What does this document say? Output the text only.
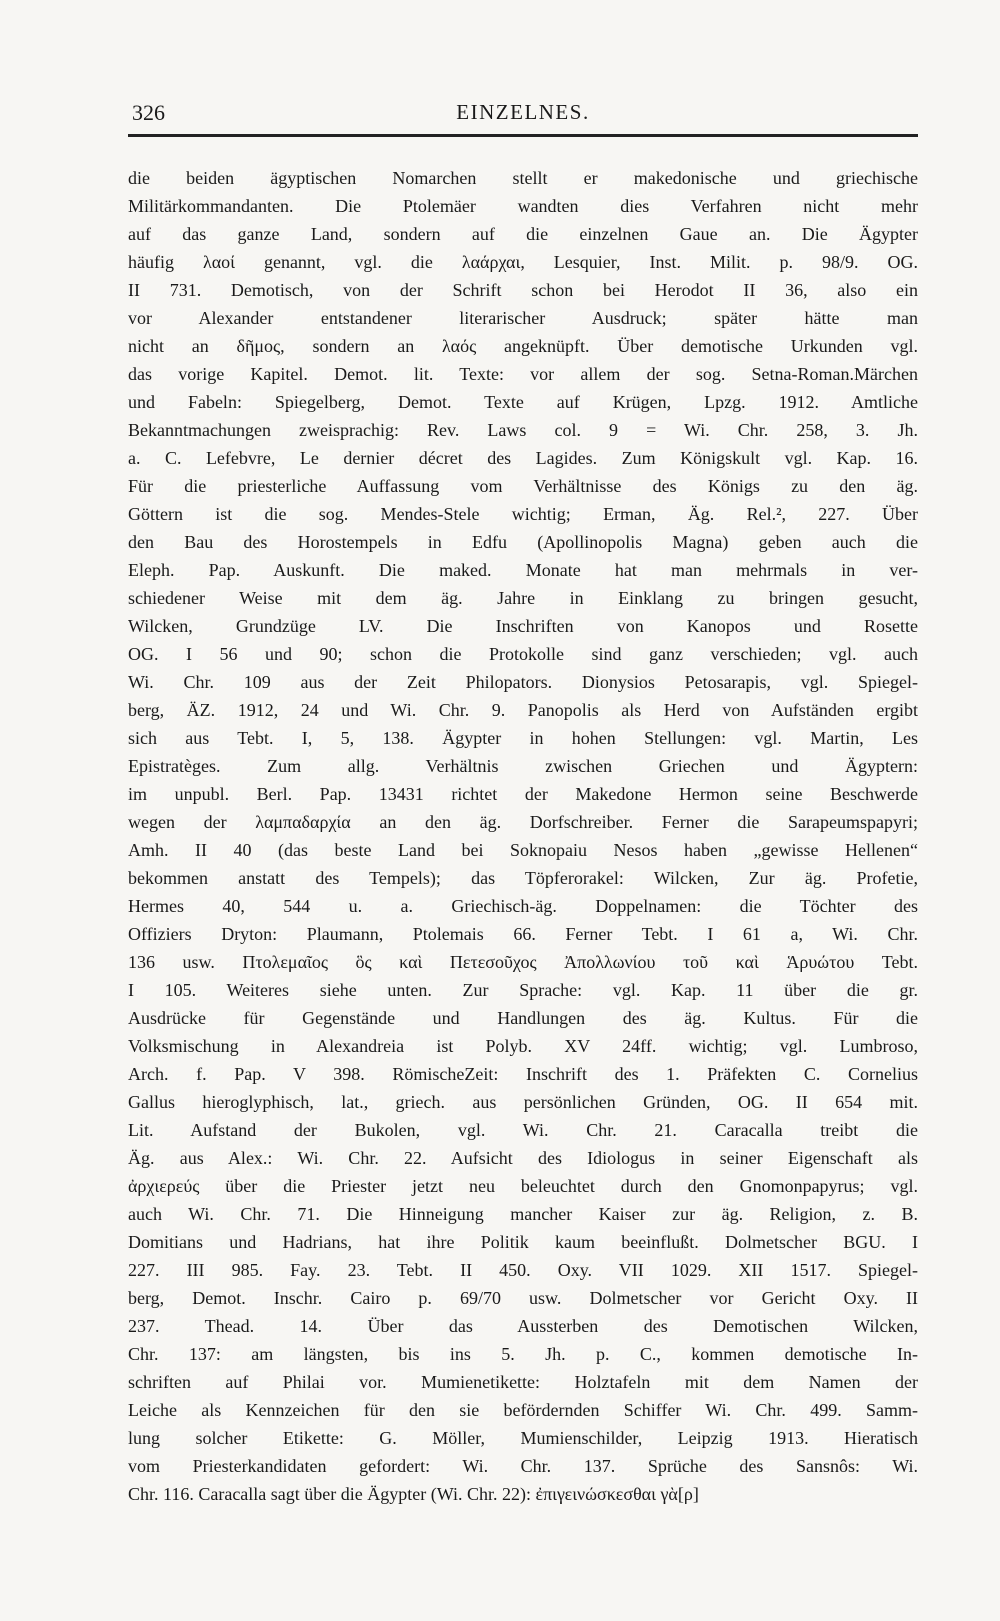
326	EINZELNES.
die beiden ägyptischen Nomarchen stellt er makedonische und griechische
Militärkommandanten. Die Ptolemäer wandten dies Verfahren nicht mehr
auf das ganze Land, sondern auf die einzelnen Gaue an. Die Ägypter
häufig λαοί genannt, vgl. die λαάρχαι, Lesquier, Inst. Milit. p. 98/9. OG.
II 731. Demotisch, von der Schrift schon bei Herodot II 36, also ein
vor Alexander entstandener literarischer Ausdruck; später hätte man
nicht an δῆμος, sondern an λαός angeknüpft. Über demotische Urkunden vgl.
das vorige Kapitel. Demot. lit. Texte: vor allem der sog. Setna-Roman.Märchen
und Fabeln: Spiegelberg, Demot. Texte auf Krügen, Lpzg. 1912. Amtliche
Bekanntmachungen zweisprachig: Rev. Laws col. 9 = Wi. Chr. 258, 3. Jh.
a. C. Lefebvre, Le dernier décret des Lagides. Zum Königskult vgl. Kap. 16.
Für die priesterliche Auffassung vom Verhältnisse des Königs zu den äg.
Göttern ist die sog. Mendes-Stele wichtig; Erman, Äg. Rel.², 227. Über
den Bau des Horostempels in Edfu (Apollinopolis Magna) geben auch die
Eleph. Pap. Auskunft. Die maked. Monate hat man mehrmals in ver-
schiedener Weise mit dem äg. Jahre in Einklang zu bringen gesucht,
Wilcken, Grundzüge LV. Die Inschriften von Kanopos und Rosette
OG. I 56 und 90; schon die Protokolle sind ganz verschieden; vgl. auch
Wi. Chr. 109 aus der Zeit Philopators. Dionysios Petosarapis, vgl. Spiegel-
berg, ÄZ. 1912, 24 und Wi. Chr. 9. Panopolis als Herd von Aufständen ergibt
sich aus Tebt. I, 5, 138. Ägypter in hohen Stellungen: vgl. Martin, Les
Epistratèges. Zum allg. Verhältnis zwischen Griechen und Ägyptern:
im unpubl. Berl. Pap. 13431 richtet der Makedone Hermon seine Beschwerde
wegen der λαμπαδαρχία an den äg. Dorfschreiber. Ferner die Sarapeumspapyri;
Amh. II 40 (das beste Land bei Soknopaiu Nesos haben „gewisse Hellenen“
bekommen anstatt des Tempels); das Töpferorakel: Wilcken, Zur äg. Profetie,
Hermes 40, 544 u. a. Griechisch-äg. Doppelnamen: die Töchter des
Offiziers Dryton: Plaumann, Ptolemais 66. Ferner Tebt. I 61 a, Wi. Chr.
136 usw. Πτολεμαῖος ὃς καὶ Πετεσοῦχος Ἀπολλωνίου τοῦ καὶ Ἁρυώτου Tebt.
I 105. Weiteres siehe unten. Zur Sprache: vgl. Kap. 11 über die gr.
Ausdrücke für Gegenstände und Handlungen des äg. Kultus. Für die
Volksmischung in Alexandreia ist Polyb. XV 24ff. wichtig; vgl. Lumbroso,
Arch. f. Pap. V 398. RömischeZeit: Inschrift des 1. Präfekten C. Cornelius
Gallus hieroglyphisch, lat., griech. aus persönlichen Gründen, OG. II 654 mit.
Lit. Aufstand der Bukolen, vgl. Wi. Chr. 21. Caracalla treibt die
Äg. aus Alex.: Wi. Chr. 22. Aufsicht des Idiologus in seiner Eigenschaft als
ἀρχιερεύς über die Priester jetzt neu beleuchtet durch den Gnomonpapyrus; vgl.
auch Wi. Chr. 71. Die Hinneigung mancher Kaiser zur äg. Religion, z. B.
Domitians und Hadrians, hat ihre Politik kaum beeinflußt. Dolmetscher BGU. I
227. III 985. Fay. 23. Tebt. II 450. Oxy. VII 1029. XII 1517. Spiegel-
berg, Demot. Inschr. Cairo p. 69/70 usw. Dolmetscher vor Gericht Oxy. II
237. Thead. 14. Über das Aussterben des Demotischen Wilcken,
Chr. 137: am längsten, bis ins 5. Jh. p. C., kommen demotische In-
schriften auf Philai vor. Mumienetikette: Holztafeln mit dem Namen der
Leiche als Kennzeichen für den sie befördernden Schiffer Wi. Chr. 499. Samm-
lung solcher Etikette: G. Möller, Mumienschilder, Leipzig 1913. Hieratisch
vom Priesterkandidaten gefordert: Wi. Chr. 137. Sprüche des Sansnôs: Wi.
Chr. 116. Caracalla sagt über die Ägypter (Wi. Chr. 22): ἐπιγεινώσκεσθαι γὰ[ρ]
